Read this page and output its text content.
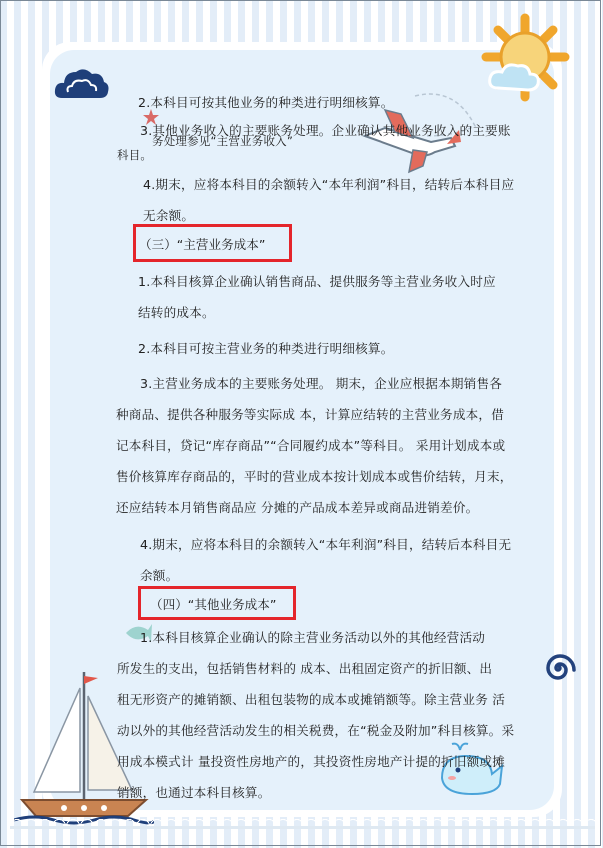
2.本科目可按其他业务的种类进行明细核算。
3.其他业务收入的主要账务处理。企业确认其他业务收入的主要账
务处理参见“主营业务收入”
科目。
4.期末，应将本科目的余额转入“本年利润”科目，结转后本科目应
无余额。
（三）“主营业务成本”
1.本科目核算企业确认销售商品、提供服务等主营业务收入时应
结转的成本。
2.本科目可按主营业务的种类进行明细核算。
3.主营业务成本的主要账务处理。 期末，企业应根据本期销售各
种商品、提供各种服务等实际成 本，计算应结转的主营业务成本，借
记本科目，贷记“库存商品”“合同履约成本”等科目。 采用计划成本或
售价核算库存商品的，平时的营业成本按计划成本或售价结转，月末，
还应结转本月销售商品应 分摊的产品成本差异或商品进销差价。
4.期末，应将本科目的余额转入“本年利润”科目，结转后本科目无
余额。
（四）“其他业务成本”
1.本科目核算企业确认的除主营业务活动以外的其他经营活动
所发生的支出，包括销售材料的 成本、出租固定资产的折旧额、出
租无形资产的摊销额、出租包装物的成本或摊销额等。除主营业务 活
动以外的其他经营活动发生的相关税费，在“税金及附加”科目核算。采
用成本模式计 量投资性房地产的，其投资性房地产计提的折旧额或摊
销额，也通过本科目核算。
